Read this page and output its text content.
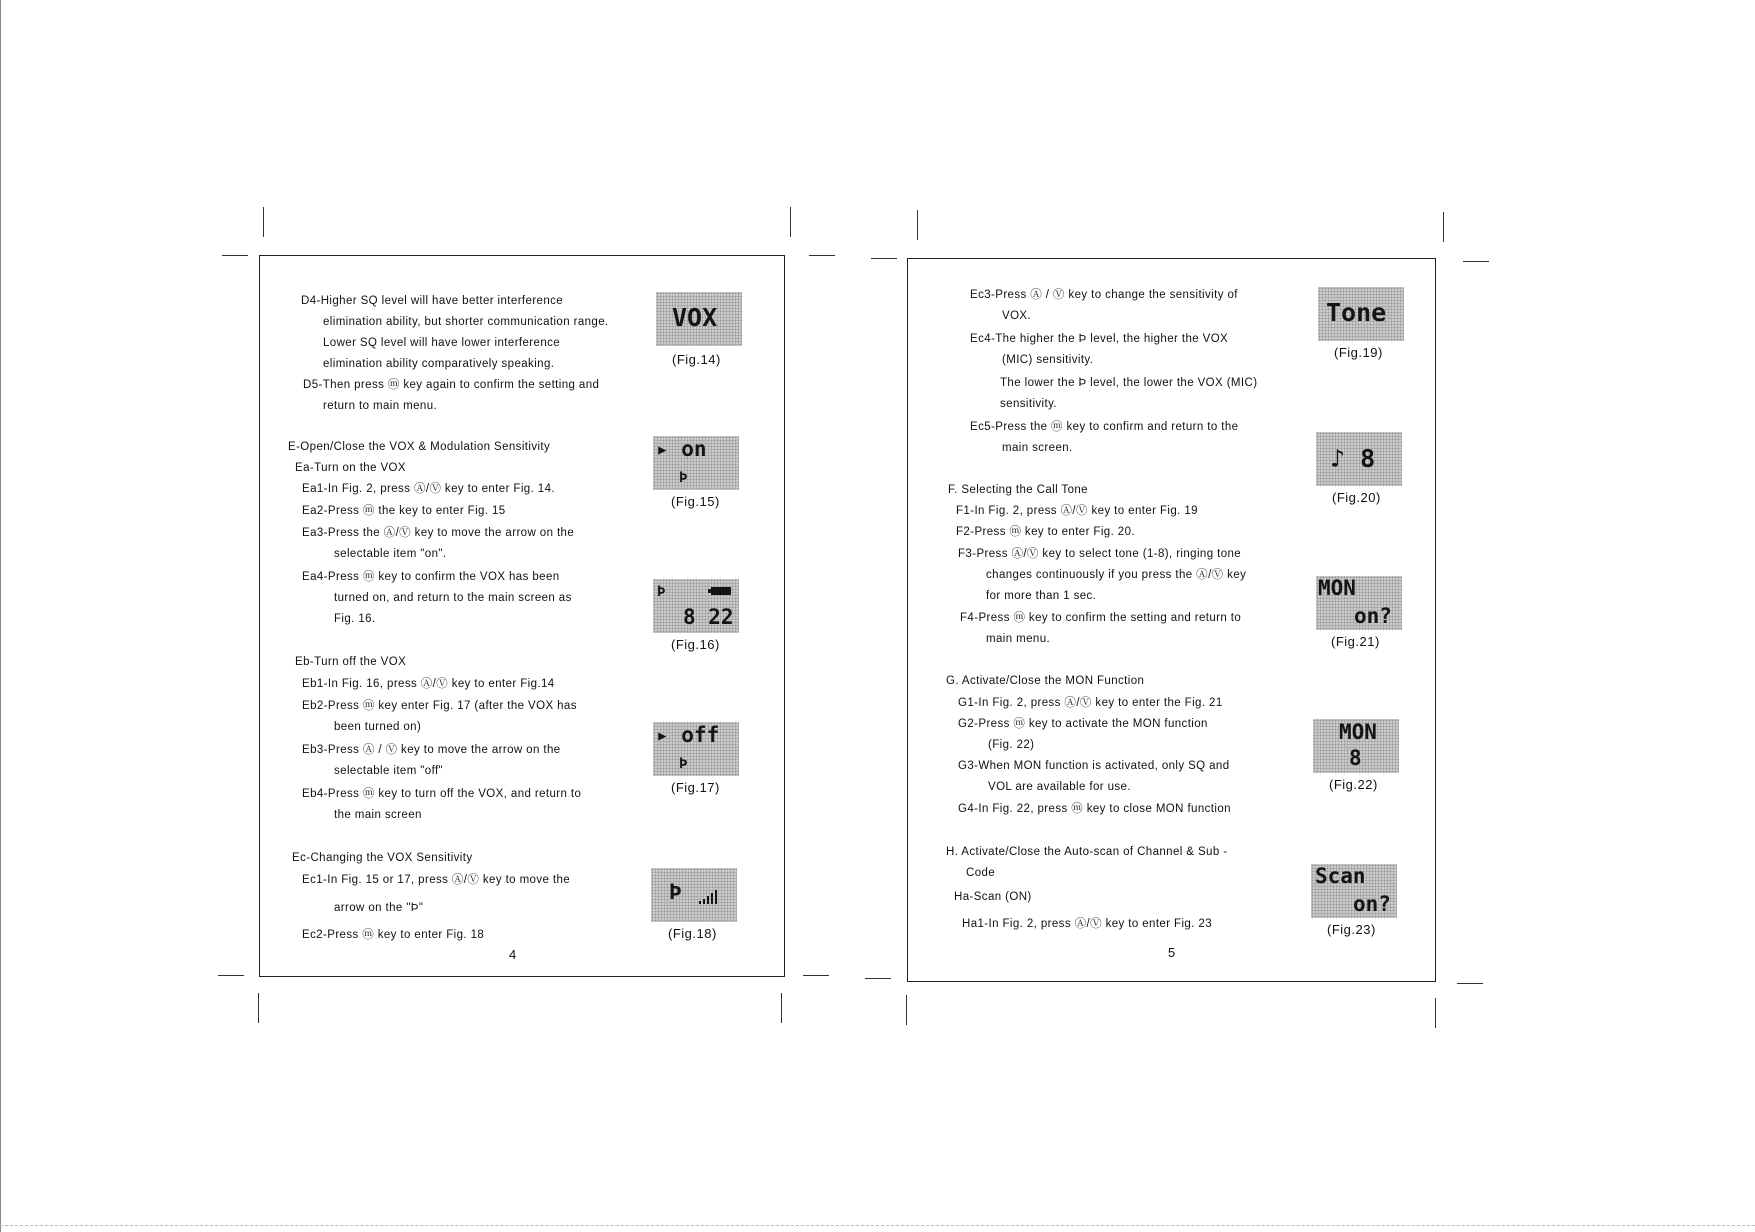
D4-Higher SQ level will have better interference
elimination ability, but shorter communication range.
Lower SQ level will have lower interference
elimination ability comparatively speaking.
D5-Then press ⓜ key again to confirm the setting and
return to main menu.
E-Open/Close the VOX & Modulation Sensitivity
Ea-Turn on the VOX
Ea1-In Fig. 2, press Ⓐ/Ⓥ key to enter Fig. 14.
Ea2-Press ⓜ the key to enter Fig. 15
Ea3-Press the Ⓐ/Ⓥ key to move the arrow on the
selectable item "on".
Ea4-Press ⓜ key to confirm the VOX has been
turned on, and return to the main screen as
Fig. 16.
Eb-Turn off the VOX
Eb1-In Fig. 16, press Ⓐ/Ⓥ key to enter Fig.14
Eb2-Press ⓜ key enter Fig. 17 (after the VOX has
been turned on)
Eb3-Press Ⓐ / Ⓥ key to move the arrow on the
selectable item "off"
Eb4-Press ⓜ key to turn off the VOX, and return to
the main screen
Ec-Changing the VOX Sensitivity
Ec1-In Fig. 15 or 17, press Ⓐ/Ⓥ key to move the
arrow on the "Þ"
Ec2-Press ⓜ key to enter Fig. 18
VOX
(Fig.14)
▸ on
Þ
(Fig.15)
Þ
8 22
(Fig.16)
▸ off
Þ
(Fig.17)
Þ
(Fig.18)
4
Ec3-Press Ⓐ / Ⓥ key to change the sensitivity of
VOX.
Ec4-The higher the Þ level, the higher the VOX
(MIC) sensitivity.
The lower the Þ level, the lower the VOX (MIC)
sensitivity.
Ec5-Press the ⓜ key to confirm and return to the
main screen.
F. Selecting the Call Tone
F1-In Fig. 2, press Ⓐ/Ⓥ key to enter Fig. 19
F2-Press ⓜ key to enter Fig. 20.
F3-Press Ⓐ/Ⓥ key to select tone (1-8), ringing tone
changes continuously if you press the Ⓐ/Ⓥ key
for more than 1 sec.
F4-Press ⓜ key to confirm the setting and return to
main menu.
G. Activate/Close the MON Function
G1-In Fig. 2, press Ⓐ/Ⓥ key to enter the Fig. 21
G2-Press ⓜ key to activate the MON function
(Fig. 22)
G3-When MON function is activated, only SQ and
VOL are available for use.
G4-In Fig. 22, press ⓜ key to close MON function
H. Activate/Close the Auto-scan of Channel & Sub -
Code
Ha-Scan (ON)
Ha1-In Fig. 2, press Ⓐ/Ⓥ key to enter Fig. 23
Tone
(Fig.19)
♪ 8
(Fig.20)
MON
on?
(Fig.21)
MON
8
(Fig.22)
Scan
on?
(Fig.23)
5
